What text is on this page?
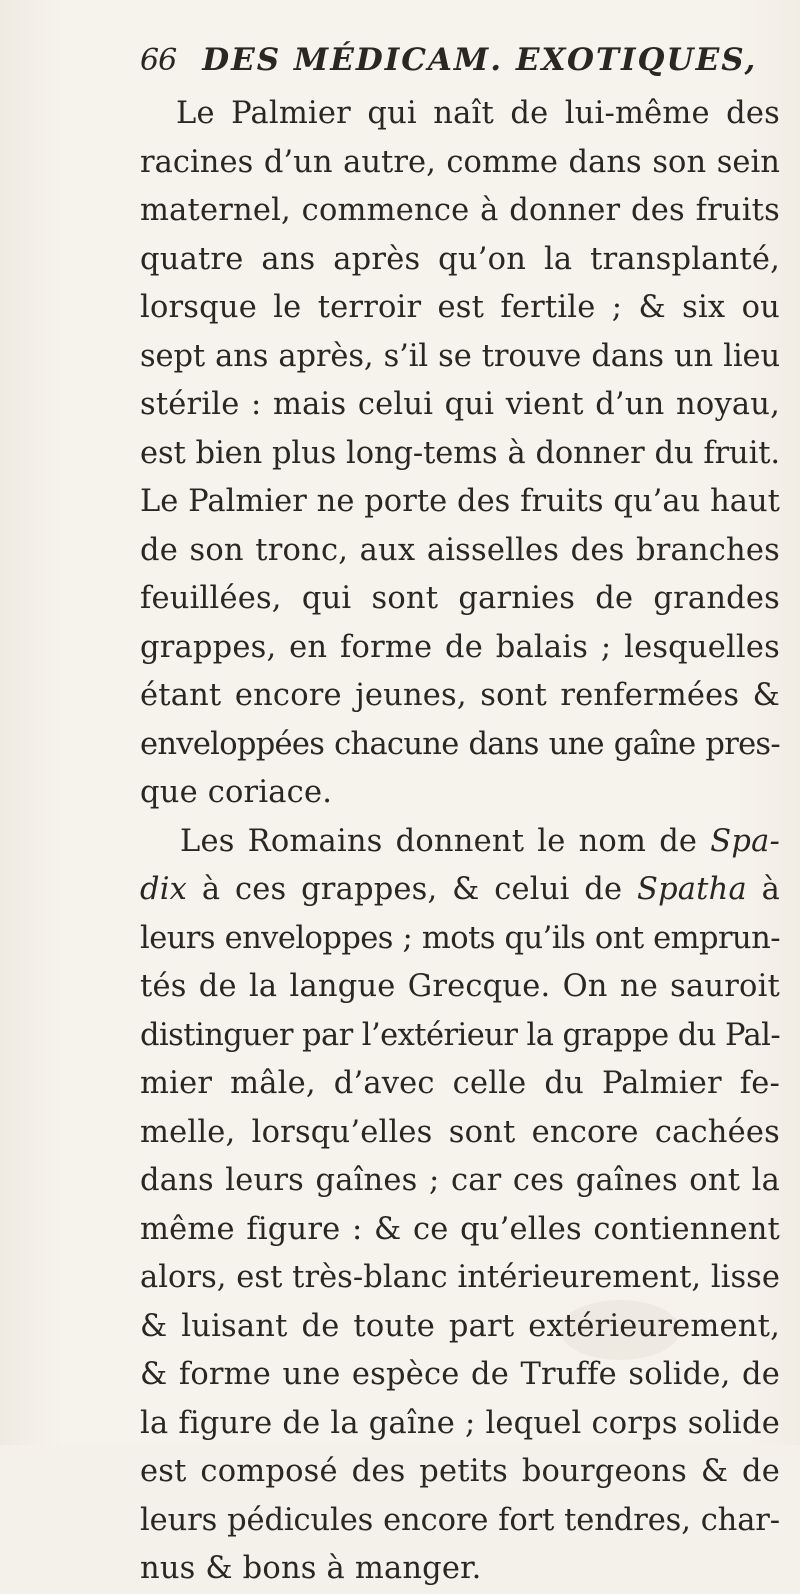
66 DES MÉDICAM. EXOTIQUES,
Le Palmier qui naît de lui-même des
racines d’un autre, comme dans son sein
maternel, commence à donner des fruits
quatre ans après qu’on la transplanté,
lorsque le terroir est fertile ; & six ou
sept ans après, s’il se trouve dans un lieu
stérile : mais celui qui vient d’un noyau,
est bien plus long-tems à donner du fruit.
Le Palmier ne porte des fruits qu’au haut
de son tronc, aux aisselles des branches
feuillées, qui sont garnies de grandes
grappes, en forme de balais ; lesquelles
étant encore jeunes, sont renfermées &
enveloppées chacune dans une gaîne pres-
que coriace.
Les Romains donnent le nom de Spa-
dix à ces grappes, & celui de Spatha à
leurs enveloppes ; mots qu’ils ont emprun-
tés de la langue Grecque. On ne sauroit
distinguer par l’extérieur la grappe du Pal-
mier mâle, d’avec celle du Palmier fe-
melle, lorsqu’elles sont encore cachées
dans leurs gaînes ; car ces gaînes ont la
même figure : & ce qu’elles contiennent
alors, est très-blanc intérieurement, lisse
& luisant de toute part extérieurement,
& forme une espèce de Truffe solide, de
la figure de la gaîne ; lequel corps solide
est composé des petits bourgeons & de
leurs pédicules encore fort tendres, char-
nus & bons à manger.
